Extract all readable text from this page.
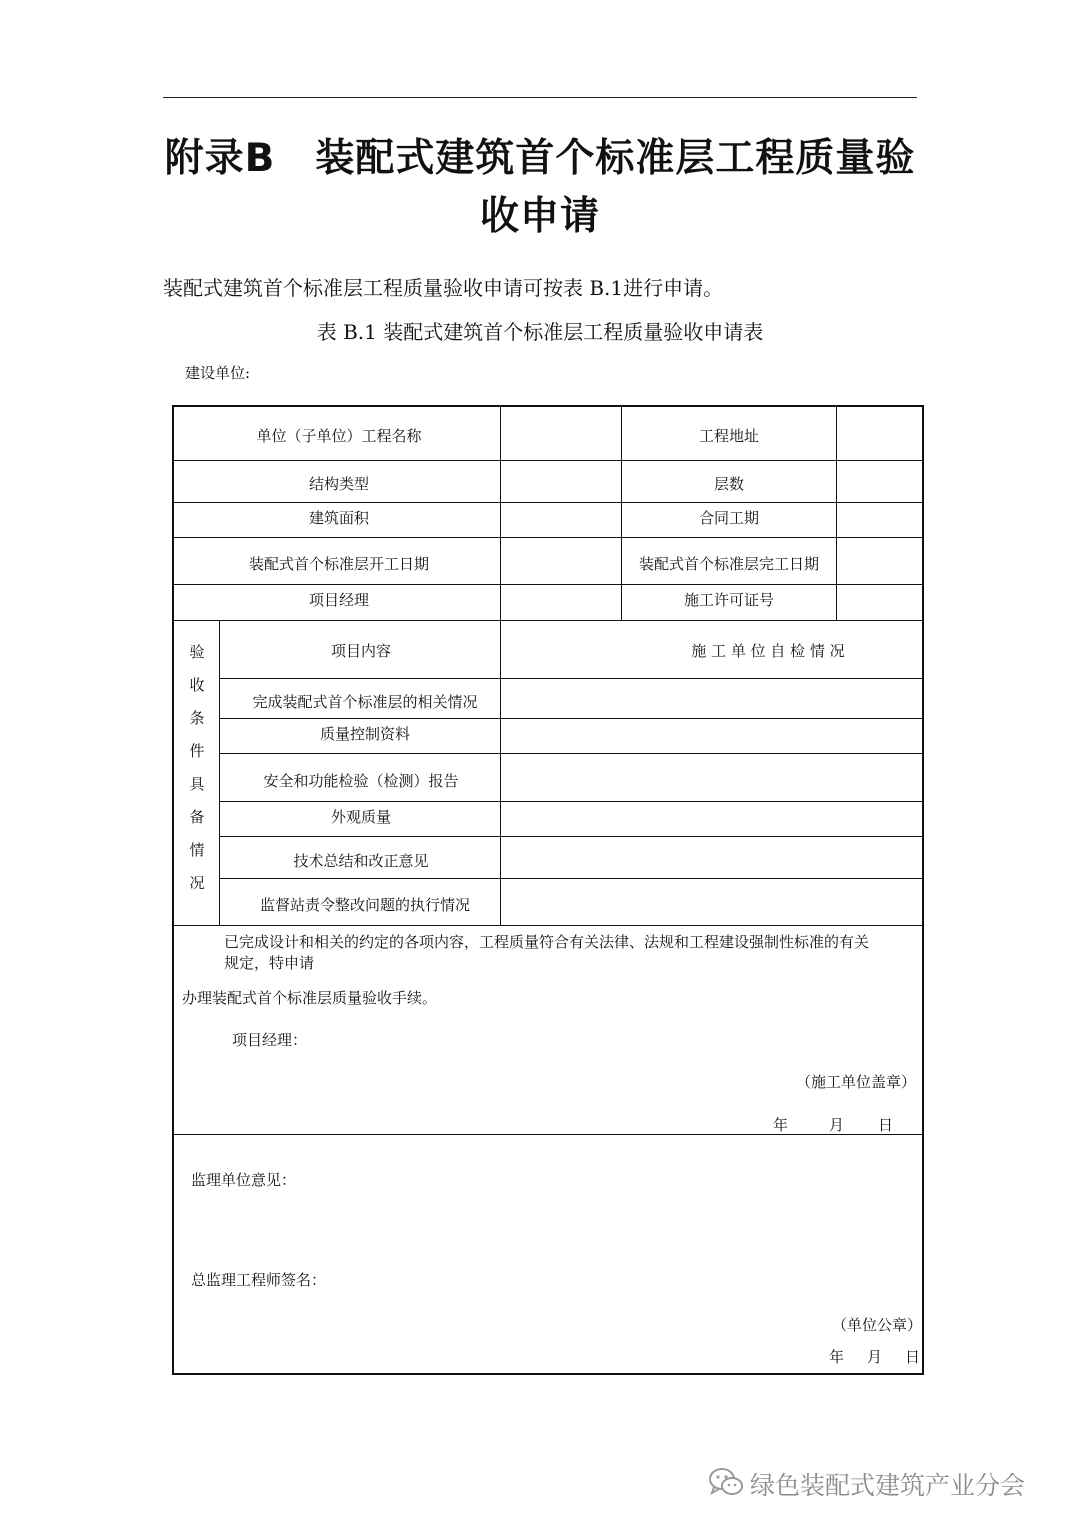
附录B　装配式建筑首个标准层工程质量验
收申请
装配式建筑首个标准层工程质量验收申请可按表 B.1进行申请。
表 B.1 装配式建筑首个标准层工程质量验收申请表
建设单位:
单位（子单位）工程名称	工程地址
结构类型	层数
建筑面积	合同工期
装配式首个标准层开工日期	装配式首个标准层完工日期
项目经理	施工许可证号
验收条件具备情况
项目内容	施 工 单 位 自 检 情 况
完成装配式首个标准层的相关情况
质量控制资料
安全和功能检验（检测）报告
外观质量
技术总结和改正意见
监督站责令整改问题的执行情况
已完成设计和相关的约定的各项内容，工程质量符合有关法律、法规和工程建设强制性标准的有关
规定，特申请
办理装配式首个标准层质量验收手续。
项目经理：
（施工单位盖章）
年	月 日
监理单位意见：
总监理工程师签名：
（单位公章）
年 月 日
绿色装配式建筑产业分会
